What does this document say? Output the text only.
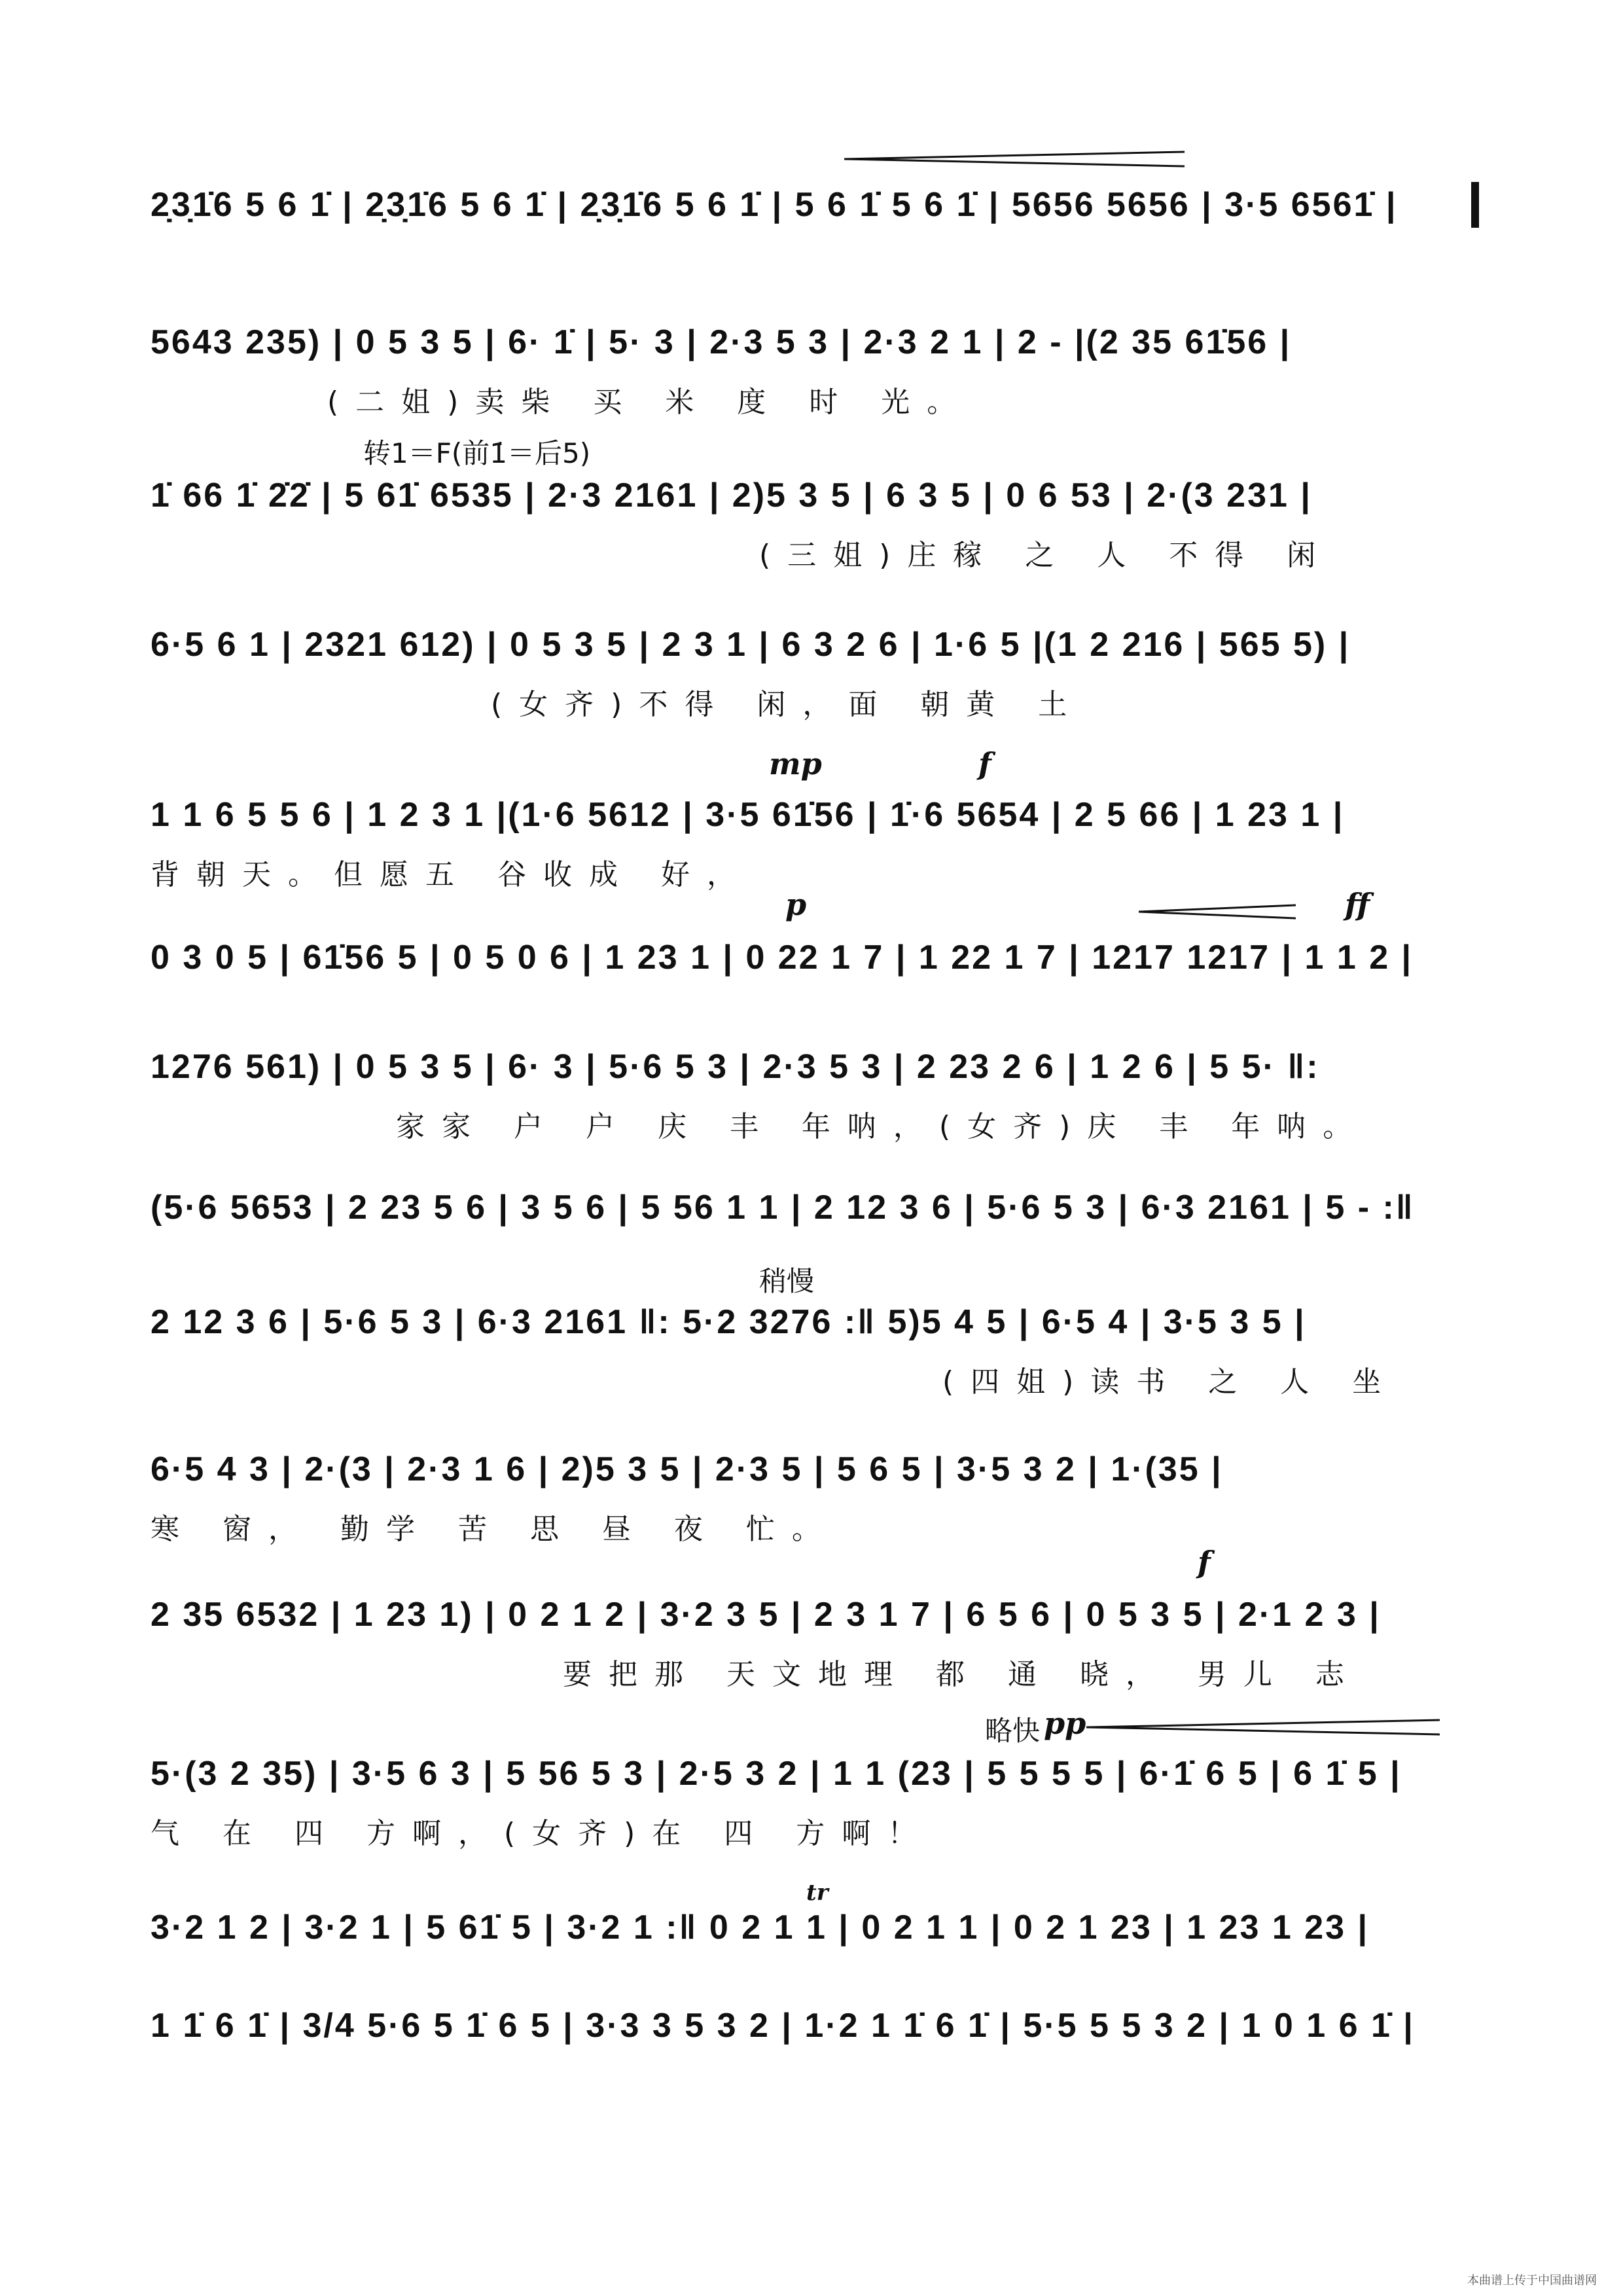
2̣3̣1̇6 5 6 1̇ | 2̣3̣1̇6 5 6 1̇ | 2̣3̣1̇6 5 6 1̇ | 5 6 1̇ 5 6 1̇ | 5656 5656 | 3·5 6561̇ |
5643 235) | 0 5 3 5 | 6· 1̇ | 5· 3 | 2·3 5 3 | 2·3 2 1 | 2 - |(2 35 61̇56 |
(二姐)卖柴 买 米 度 时 光。
转1＝F(前1̇＝后5)
1̇ 66 1̇ 2̇2̇ | 5 61̇ 6535 | 2·3 2161 | 2)5 3 5 | 6 3 5 | 0 6 53 | 2·(3 231 |
(三姐)庄稼 之 人 不得 闲
6·5 6 1 | 2321 612) | 0 5 3 5 | 2 3 1 | 6 3 2 6 | 1·6 5 |(1 2 216 | 565 5) |
(女齐)不得 闲，面 朝黄 土
mp	f
1 1 6 5 5 6 | 1 2 3 1 |(1·6 5612 | 3·5 61̇56 | 1̇·6 5654 | 2 5 66 | 1 23 1 |
背朝天。但愿五 谷收成 好，
p	ff
0 3 0 5 | 61̇56 5 | 0 5 0 6 | 1 23 1 | 0 22 1 7 | 1 22 1 7 | 1217 1217 | 1 1 2 |
1276 561) | 0 5 3 5 | 6· 3 | 5·6 5 3 | 2·3 5 3 | 2 23 2 6 | 1 2 6 | 5 5· ‖:
家家 户 户 庆 丰 年呐，(女齐)庆 丰 年呐。
(5·6 5653 | 2 23 5 6 | 3 5 6 | 5 56 1 1 | 2 12 3 6 | 5·6 5 3 | 6·3 2161 | 5 - :‖
稍慢
2 12 3 6 | 5·6 5 3 | 6·3 2161 ‖: 5·2 3276 :‖ 5)5 4 5 | 6·5 4 | 3·5 3 5 |
(四姐)读书 之 人 坐
6·5 4 3 | 2·(3 | 2·3 1 6 | 2)5 3 5 | 2·3 5 | 5 6 5 | 3·5 3 2 | 1·(35 |
寒 窗， 勤学 苦 思 昼 夜 忙。
f
2 35 6532 | 1 23 1) | 0 2 1 2 | 3·2 3 5 | 2 3 1 7 | 6 5 6 | 0 5 3 5 | 2·1 2 3 |
要把那 天文地理 都 通 晓， 男儿 志
略快 pp
5·(3 2 35) | 3·5 6 3 | 5 56 5 3 | 2·5 3 2 | 1 1 (23 | 5 5 5 5 | 6·1̇ 6 5 | 6 1̇ 5 |
气 在 四 方啊，(女齐)在 四 方啊！
tr
3·2 1 2 | 3·2 1 | 5 61̇ 5 | 3·2 1 :‖ 0 2 1 1 | 0 2 1 1 | 0 2 1 23 | 1 23 1 23 |
1 1̇ 6 1̇ | 3/4 5·6 5 1̇ 6 5 | 3·3 3 5 3 2 | 1·2 1 1̇ 6 1̇ | 5·5 5 5 3 2 | 1 0 1 6 1̇ |
本曲谱上传于中国曲谱网
